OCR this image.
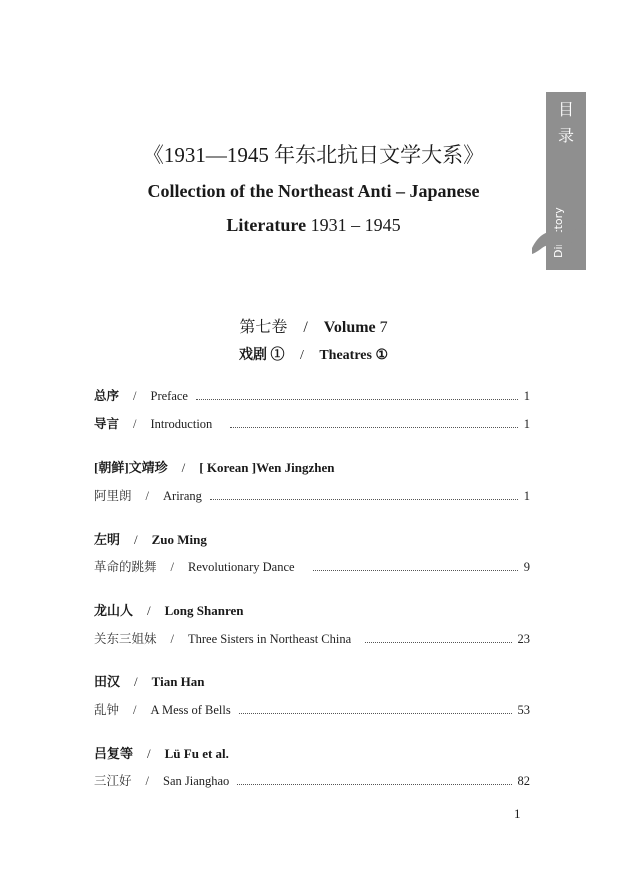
目
录
《1931—1945 年东北抗日文学大系》
Collection of the Northeast Anti – Japanese
Literature 1931 – 1945
第七卷 / Volume 7
戏剧 ① / Theatres ①
总序 / Preface	1
导言 / Introduction	1
[朝鲜]文靖珍 / [ Korean ]Wen Jingzhen
阿里朗 / Arirang	1
左明 / Zuo Ming
革命的跳舞 / Revolutionary Dance	9
龙山人 / Long Shanren
关东三姐妹 / Three Sisters in Northeast China	23
田汉 / Tian Han
乱钟 / A Mess of Bells	53
吕复等 / Lü Fu et al.
三江好 / San Jianghao	82
1
